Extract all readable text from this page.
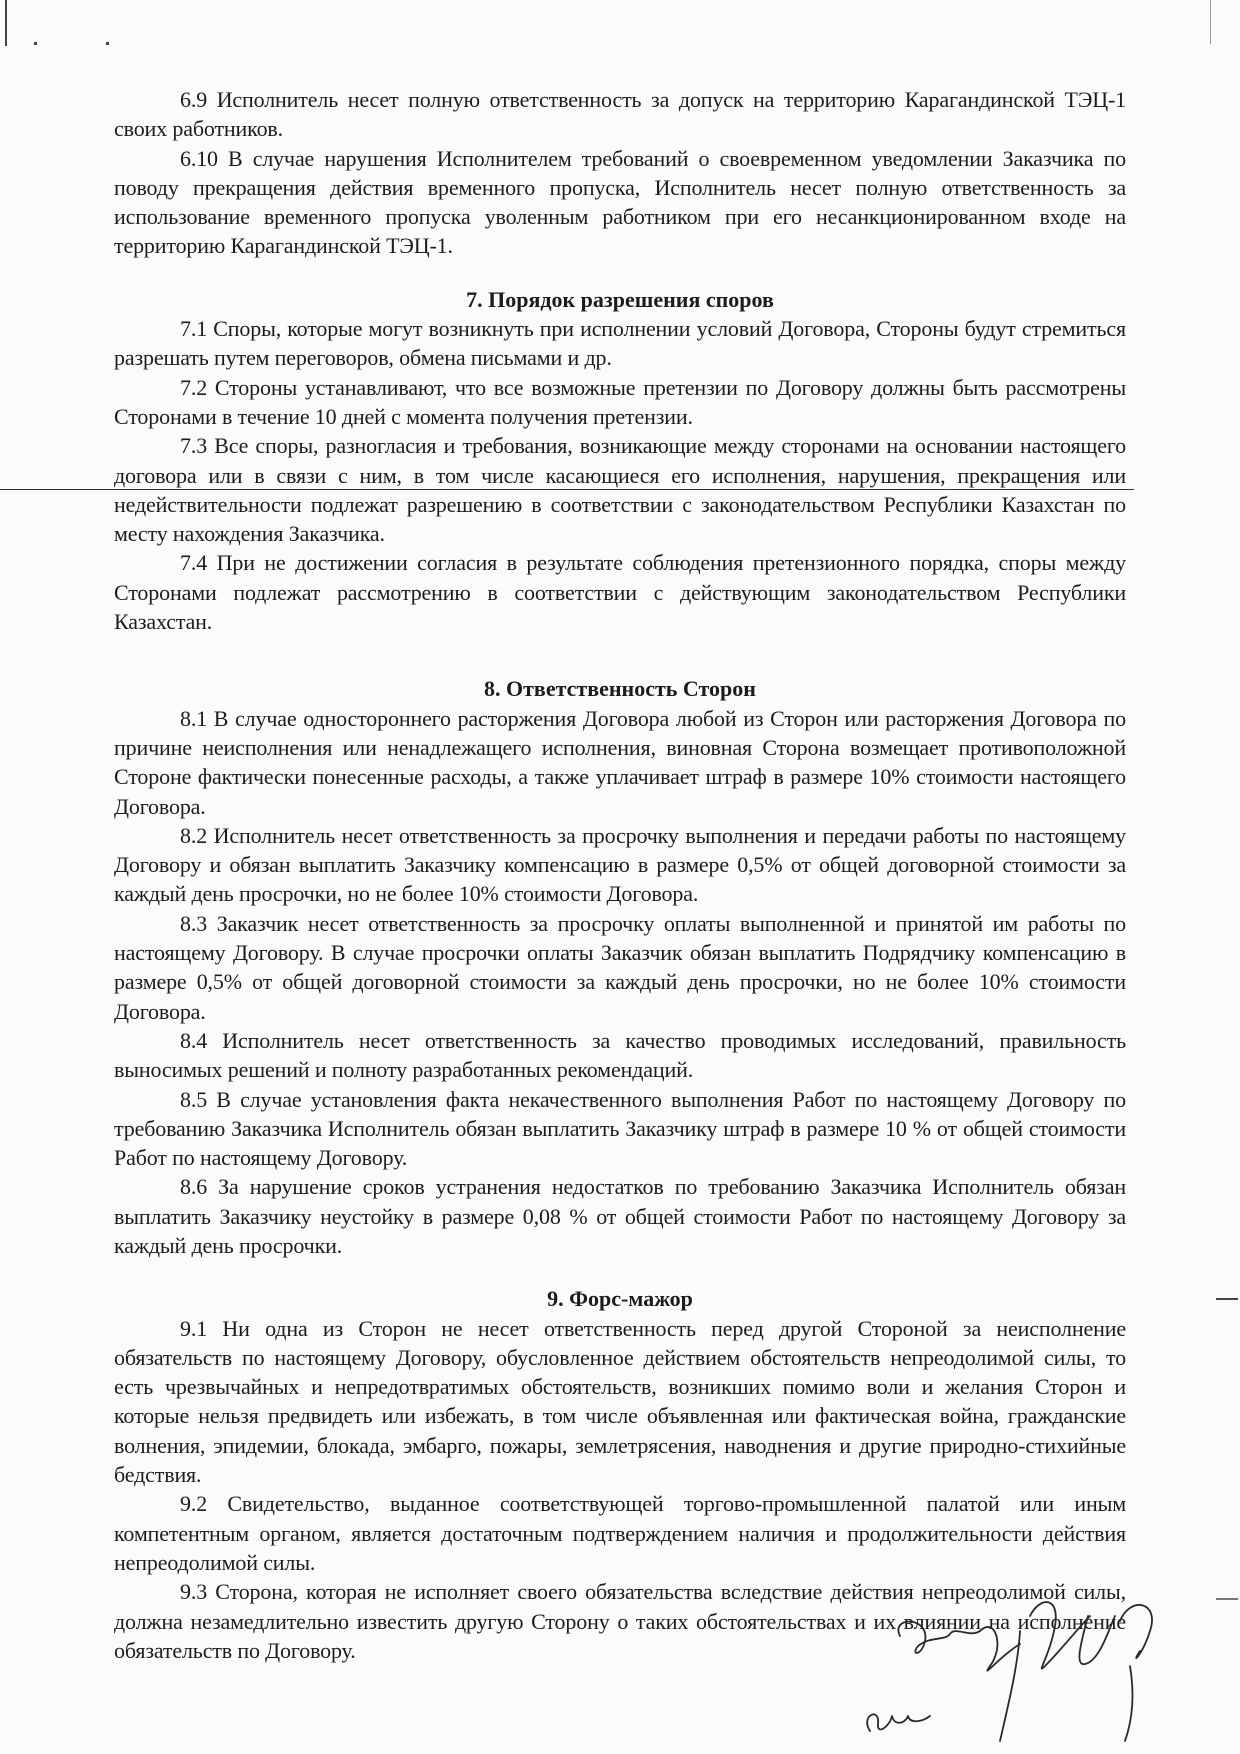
6.9 Исполнитель несет полную ответственность за допуск на территорию Карагандинской ТЭЦ-1 своих работников.

6.10 В случае нарушения Исполнителем требований о своевременном уведомлении Заказчика по поводу прекращения действия временного пропуска, Исполнитель несет полную ответственность за использование временного пропуска уволенным работником при его несанкционированном входе на территорию Карагандинской ТЭЦ-1.

7. Порядок разрешения споров

7.1 Споры, которые могут возникнуть при исполнении условий Договора, Стороны будут стремиться разрешать путем переговоров, обмена письмами и др.

7.2 Стороны устанавливают, что все возможные претензии по Договору должны быть рассмотрены Сторонами в течение 10 дней с момента получения претензии.

7.3 Все споры, разногласия и требования, возникающие между сторонами на основании настоящего договора или в связи с ним, в том числе касающиеся его исполнения, нарушения, прекращения или недействительности подлежат разрешению в соответствии с законодательством Республики Казахстан по месту нахождения Заказчика.

7.4 При не достижении согласия в результате соблюдения претензионного порядка, споры между Сторонами подлежат рассмотрению в соответствии с действующим законодательством Республики Казахстан.

8. Ответственность Сторон

8.1 В случае одностороннего расторжения Договора любой из Сторон или расторжения Договора по причине неисполнения или ненадлежащего исполнения, виновная Сторона возмещает противоположной Стороне фактически понесенные расходы, а также уплачивает штраф в размере 10% стоимости настоящего Договора.

8.2 Исполнитель несет ответственность за просрочку выполнения и передачи работы по настоящему Договору и обязан выплатить Заказчику компенсацию в размере 0,5% от общей договорной стоимости за каждый день просрочки, но не более 10% стоимости Договора.

8.3 Заказчик несет ответственность за просрочку оплаты выполненной и принятой им работы по настоящему Договору. В случае просрочки оплаты Заказчик обязан выплатить Подрядчику компенсацию в размере 0,5% от общей договорной стоимости за каждый день просрочки, но не более 10% стоимости Договора.

8.4 Исполнитель несет ответственность за качество проводимых исследований, правильность выносимых решений и полноту разработанных рекомендаций.

8.5 В случае установления факта некачественного выполнения Работ по настоящему Договору по требованию Заказчика Исполнитель обязан выплатить Заказчику штраф в размере 10 % от общей стоимости Работ по настоящему Договору.

8.6 За нарушение сроков устранения недостатков по требованию Заказчика Исполнитель обязан выплатить Заказчику неустойку в размере 0,08 % от общей стоимости Работ по настоящему Договору за каждый день просрочки.

9. Форс-мажор

9.1 Ни одна из Сторон не несет ответственность перед другой Стороной за неисполнение обязательств по настоящему Договору, обусловленное действием обстоятельств непреодолимой силы, то есть чрезвычайных и непредотвратимых обстоятельств, возникших помимо воли и желания Сторон и которые нельзя предвидеть или избежать, в том числе объявленная или фактическая война, гражданские волнения, эпидемии, блокада, эмбарго, пожары, землетрясения, наводнения и другие природно-стихийные бедствия.

9.2 Свидетельство, выданное соответствующей торгово-промышленной палатой или иным компетентным органом, является достаточным подтверждением наличия и продолжительности действия непреодолимой силы.

9.3 Сторона, которая не исполняет своего обязательства вследствие действия непреодолимой силы, должна незамедлительно известить другую Сторону о таких обстоятельствах и их влиянии на исполнение обязательств по Договору.
